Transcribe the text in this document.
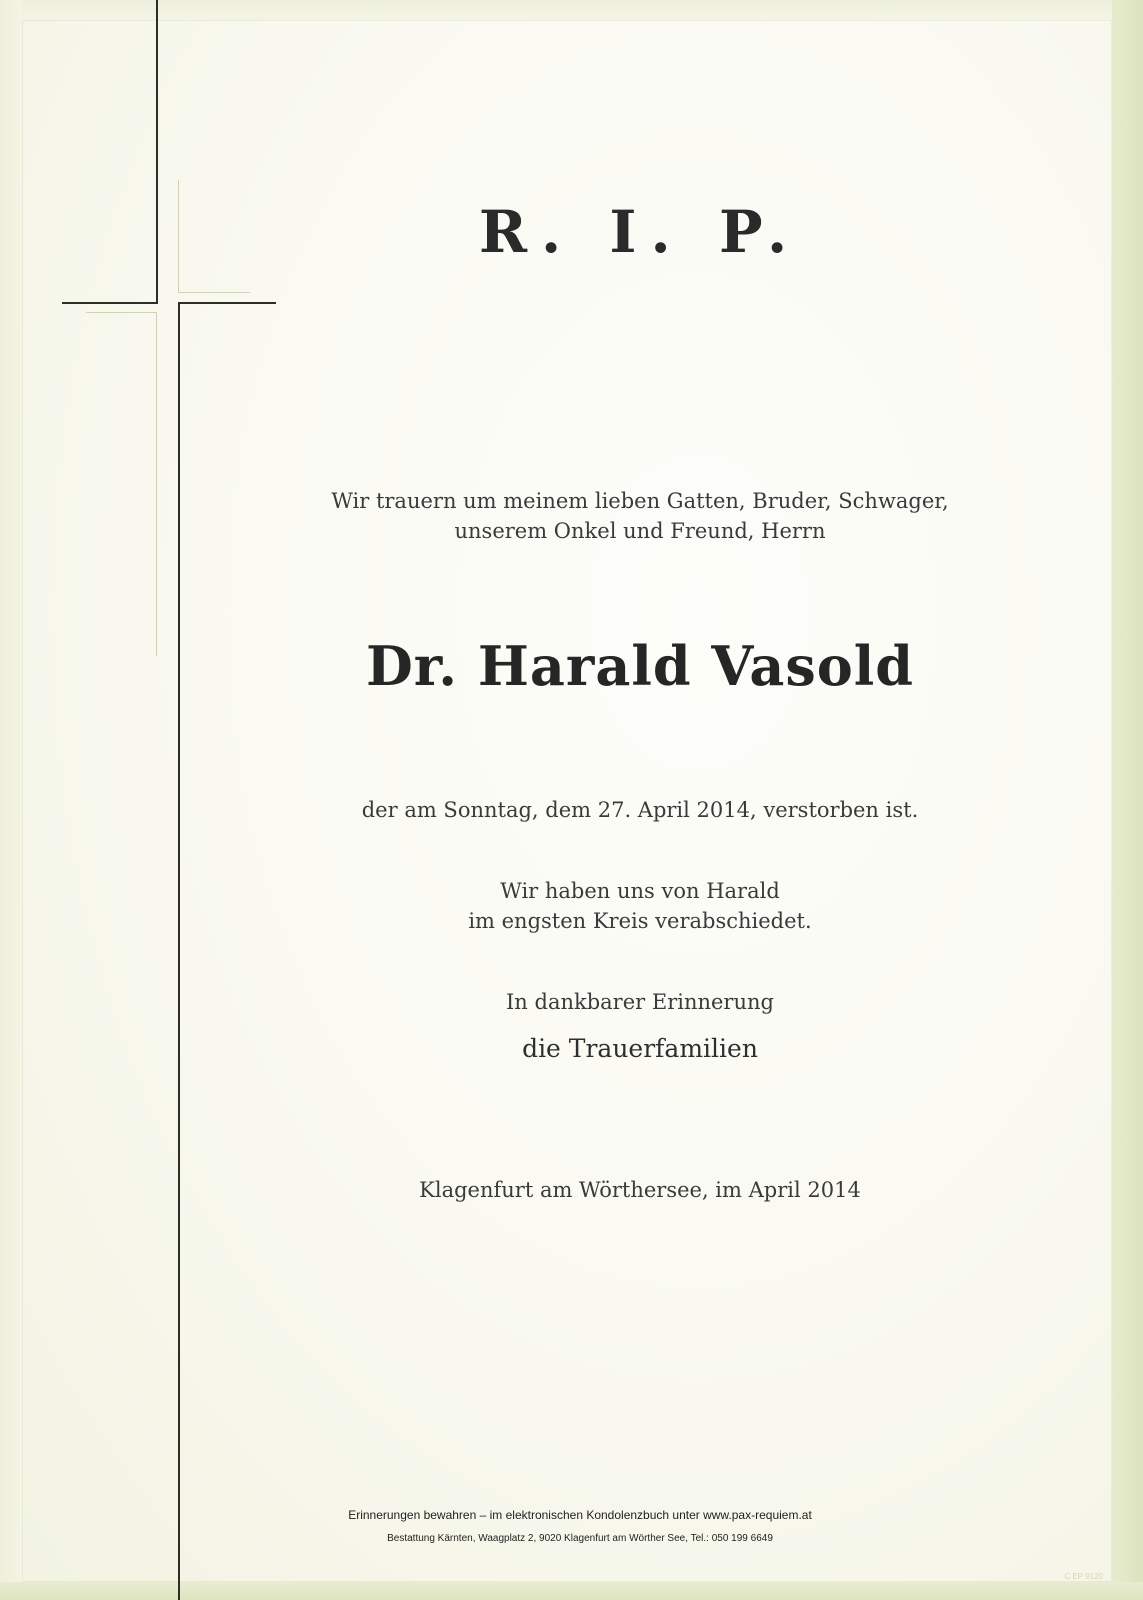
R. I. P.
Wir trauern um meinem lieben Gatten, Bruder, Schwager,
unserem Onkel und Freund, Herrn
Dr. Harald Vasold
der am Sonntag, dem 27. April 2014, verstorben ist.
Wir haben uns von Harald
im engsten Kreis verabschiedet.
In dankbarer Erinnerung
die Trauerfamilien
Klagenfurt am Wörthersee, im April 2014
Erinnerungen bewahren – im elektronischen Kondolenzbuch unter www.pax-requiem.at
Bestattung Kärnten, Waagplatz 2, 9020 Klagenfurt am Wörther See, Tel.: 050 199 6649
C EP 9120
